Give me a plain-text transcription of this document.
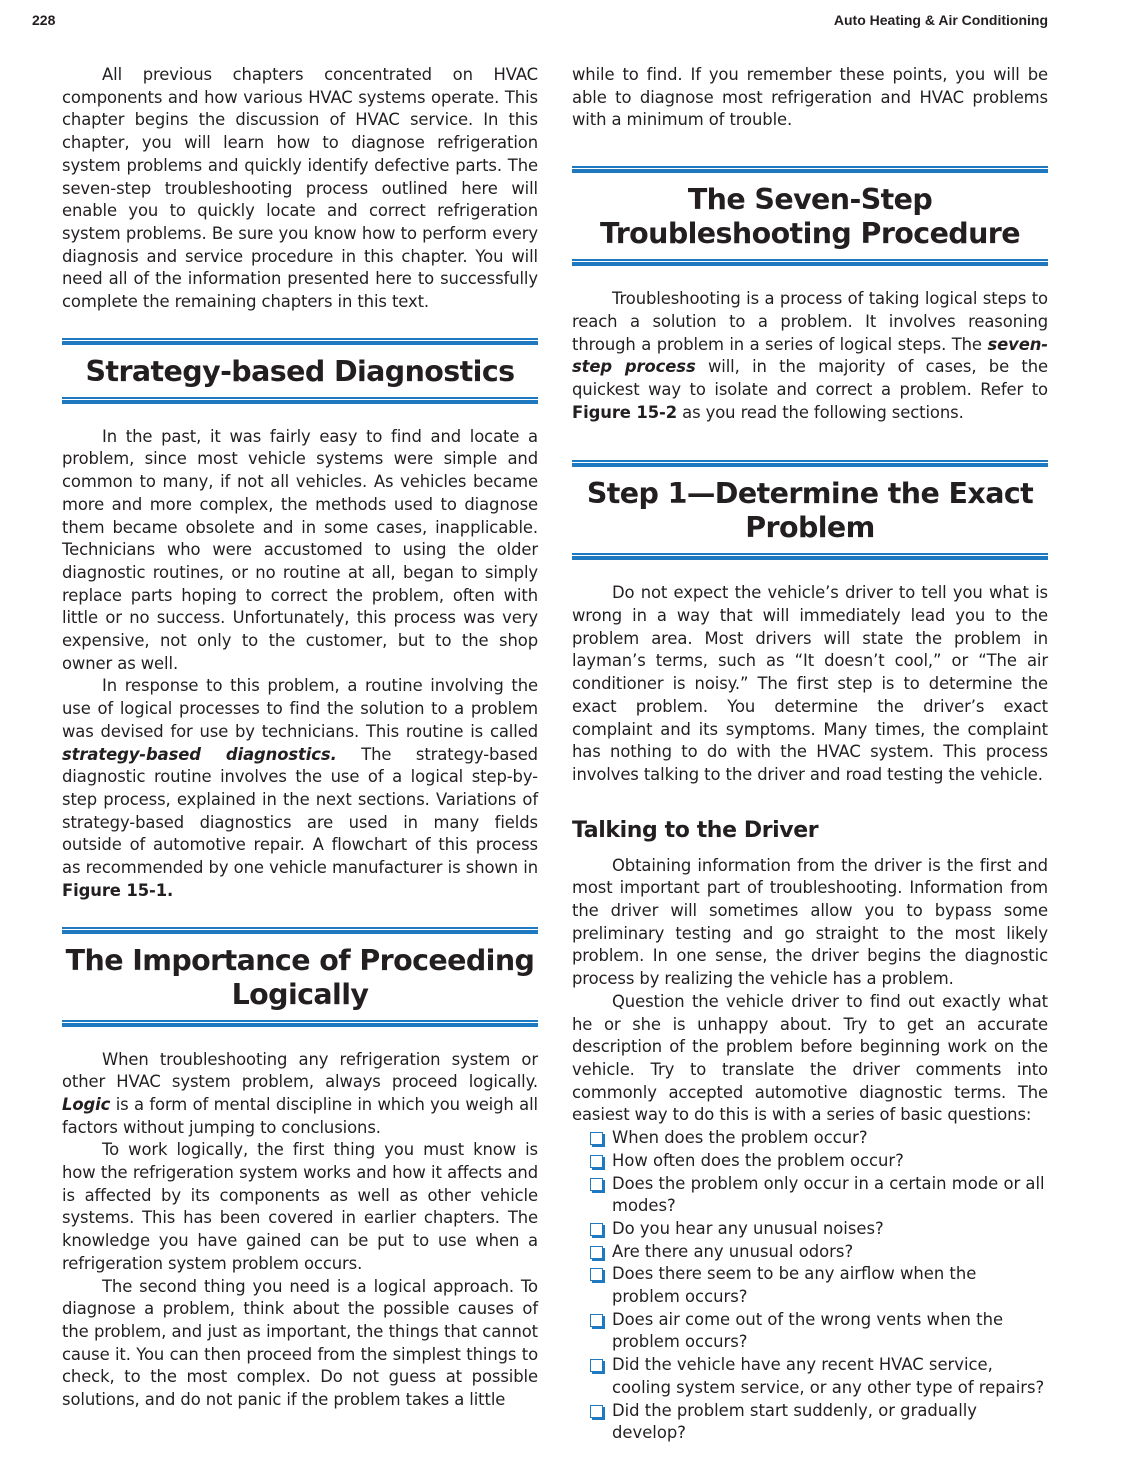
228	Auto Heating & Air Conditioning

All previous chapters concentrated on HVAC components and how various HVAC systems operate. This chapter begins the discussion of HVAC service. In this chapter, you will learn how to diagnose refrigeration system problems and quickly identify defective parts. The seven-step troubleshooting process outlined here will enable you to quickly locate and correct refrigeration system problems. Be sure you know how to perform every diagnosis and service procedure in this chapter. You will need all of the information presented here to successfully complete the remaining chapters in this text.

Strategy-based Diagnostics

In the past, it was fairly easy to find and locate a problem, since most vehicle systems were simple and common to many, if not all vehicles. As vehicles became more and more complex, the methods used to diagnose them became obsolete and in some cases, inapplicable. Technicians who were accustomed to using the older diagnostic routines, or no routine at all, began to simply replace parts hoping to correct the problem, often with little or no success. Unfortunately, this process was very expensive, not only to the customer, but to the shop owner as well.

In response to this problem, a routine involving the use of logical processes to find the solution to a problem was devised for use by technicians. This routine is called strategy-based diagnostics. The strategy-based diagnostic routine involves the use of a logical step-by-step process, explained in the next sections. Variations of strategy-based diagnostics are used in many fields outside of automotive repair. A flowchart of this process as recommended by one vehicle manufacturer is shown in Figure 15-1.

The Importance of Proceeding Logically

When troubleshooting any refrigeration system or other HVAC system problem, always proceed logically. Logic is a form of mental discipline in which you weigh all factors without jumping to conclusions.

To work logically, the first thing you must know is how the refrigeration system works and how it affects and is affected by its components as well as other vehicle systems. This has been covered in earlier chapters. The knowledge you have gained can be put to use when a refrigeration system problem occurs.

The second thing you need is a logical approach. To diagnose a problem, think about the possible causes of the problem, and just as important, the things that cannot cause it. You can then proceed from the simplest things to check, to the most complex. Do not guess at possible solutions, and do not panic if the problem takes a little

while to find. If you remember these points, you will be able to diagnose most refrigeration and HVAC problems with a minimum of trouble.

The Seven-Step Troubleshooting Procedure

Troubleshooting is a process of taking logical steps to reach a solution to a problem. It involves reasoning through a problem in a series of logical steps. The seven-step process will, in the majority of cases, be the quickest way to isolate and correct a problem. Refer to Figure 15-2 as you read the following sections.

Step 1—Determine the Exact Problem

Do not expect the vehicle’s driver to tell you what is wrong in a way that will immediately lead you to the problem area. Most drivers will state the problem in layman’s terms, such as “It doesn’t cool,” or “The air conditioner is noisy.” The first step is to determine the exact problem. You determine the driver’s exact complaint and its symptoms. Many times, the complaint has nothing to do with the HVAC system. This process involves talking to the driver and road testing the vehicle.

Talking to the Driver

Obtaining information from the driver is the first and most important part of troubleshooting. Information from the driver will sometimes allow you to bypass some preliminary testing and go straight to the most likely problem. In one sense, the driver begins the diagnostic process by realizing the vehicle has a problem.

Question the vehicle driver to find out exactly what he or she is unhappy about. Try to get an accurate description of the problem before beginning work on the vehicle. Try to translate the driver comments into commonly accepted automotive diagnostic terms. The easiest way to do this is with a series of basic questions:

When does the problem occur?
How often does the problem occur?
Does the problem only occur in a certain mode or all modes?
Do you hear any unusual noises?
Are there any unusual odors?
Does there seem to be any airflow when the problem occurs?
Does air come out of the wrong vents when the problem occurs?
Did the vehicle have any recent HVAC service, cooling system service, or any other type of repairs?
Did the problem start suddenly, or gradually develop?
